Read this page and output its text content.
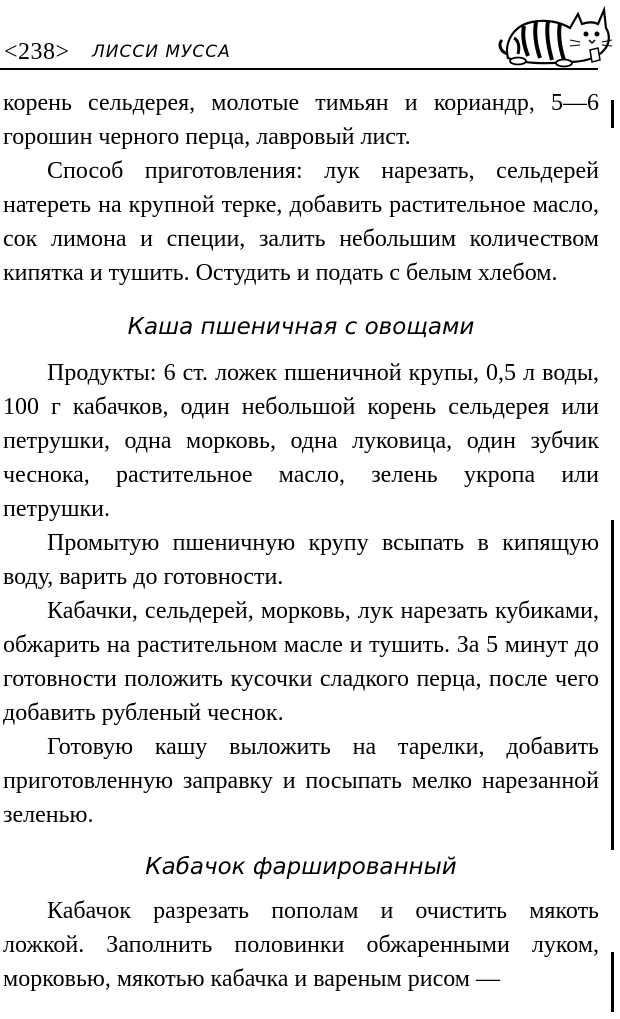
<238> ЛИССИ МУССА

корень сельдерея, молотые тимьян и кориандр, 5—6 горошин черного перца, лавровый лист.

Способ приготовления: лук нарезать, сельдерей натереть на крупной терке, добавить растительное масло, сок лимона и специи, залить небольшим количеством кипятка и тушить. Остудить и подать с белым хлебом.

Каша пшеничная с овощами

Продукты: 6 ст. ложек пшеничной крупы, 0,5 л воды, 100 г кабачков, один небольшой корень сельдерея или петрушки, одна морковь, одна луковица, один зубчик чеснока, растительное масло, зелень укропа или петрушки.

Промытую пшеничную крупу всыпать в кипящую воду, варить до готовности.

Кабачки, сельдерей, морковь, лук нарезать кубиками, обжарить на растительном масле и тушить. За 5 минут до готовности положить кусочки сладкого перца, после чего добавить рубленый чеснок.

Готовую кашу выложить на тарелки, добавить приготовленную заправку и посыпать мелко нарезанной зеленью.

Кабачок фаршированный

Кабачок разрезать пополам и очистить мякоть ложкой. Заполнить половинки обжаренными луком, морковью, мякотью кабачка и вареным рисом —
